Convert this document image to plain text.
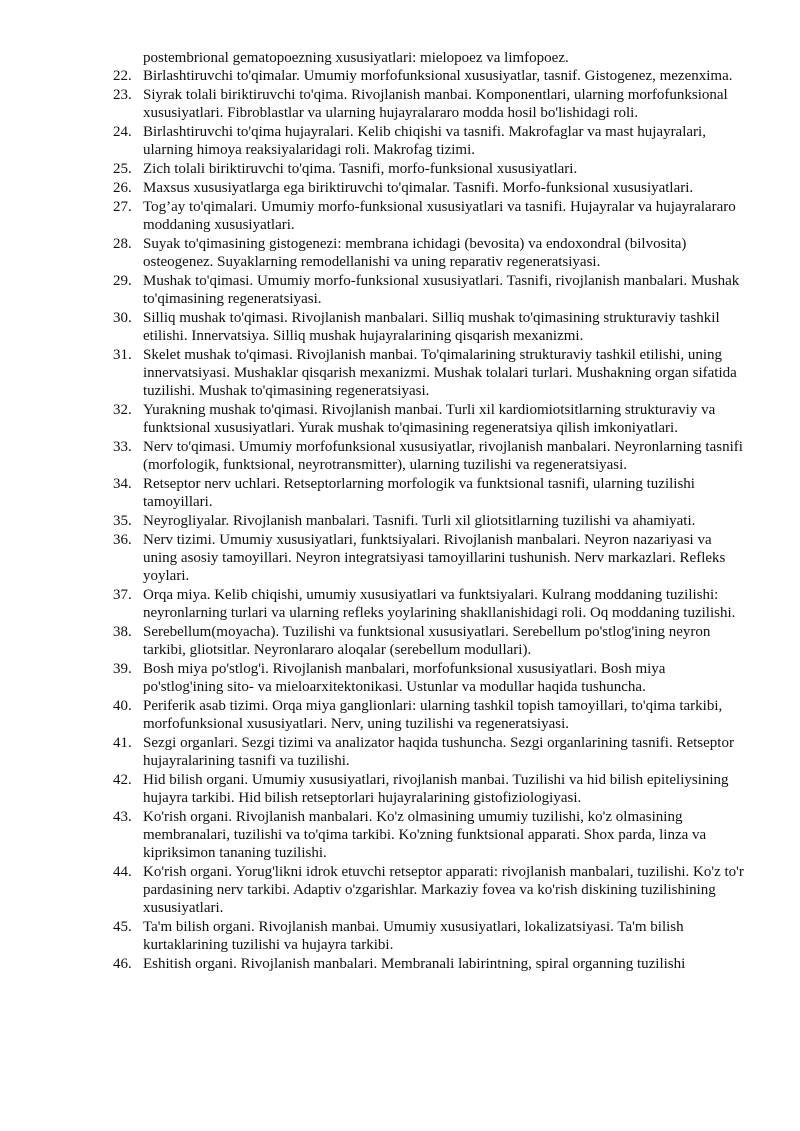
postembrional gematopoezning xususiyatlari: mielopoez va limfopoez.
22. Birlashtiruvchi to'qimalar. Umumiy morfofunksional xususiyatlar, tasnif. Gistogenez, mezenxima.
23. Siyrak tolali biriktiruvchi to'qima. Rivojlanish manbai. Komponentlari, ularning morfofunksional xususiyatlari. Fibroblastlar va ularning hujayralararo modda hosil bo'lishidagi roli.
24. Birlashtiruvchi to'qima hujayralari. Kelib chiqishi va tasnifi. Makrofaglar va mast hujayralari, ularning himoya reaksiyalaridagi roli. Makrofag tizimi.
25. Zich tolali biriktiruvchi to'qima. Tasnifi, morfo-funksional xususiyatlari.
26. Maxsus xususiyatlarga ega biriktiruvchi to'qimalar. Tasnifi. Morfo-funksional xususiyatlari.
27. Tog’ay to'qimalari. Umumiy morfo-funksional xususiyatlari va tasnifi. Hujayralar va hujayralararo moddaning xususiyatlari.
28. Suyak to'qimasining gistogenezi: membrana ichidagi (bevosita) va endoxondral (bilvosita) osteogenez. Suyaklarning remodellanishi va uning reparativ regeneratsiyasi.
29. Mushak to'qimasi. Umumiy morfo-funksional xususiyatlari. Tasnifi, rivojlanish manbalari. Mushak to'qimasining regeneratsiyasi.
30. Silliq mushak to'qimasi. Rivojlanish manbalari. Silliq mushak to'qimasining strukturaviy tashkil etilishi. Innervatsiya. Silliq mushak hujayralarining qisqarish mexanizmi.
31. Skelet mushak to'qimasi. Rivojlanish manbai. To'qimalarining strukturaviy tashkil etilishi, uning innervatsiyasi. Mushaklar qisqarish mexanizmi. Mushak tolalari turlari. Mushakning organ sifatida tuzilishi. Mushak to'qimasining regeneratsiyasi.
32. Yurakning mushak to'qimasi. Rivojlanish manbai. Turli xil kardiomiotsitlarning strukturaviy va funktsional xususiyatlari. Yurak mushak to'qimasining regeneratsiya qilish imkoniyatlari.
33. Nerv to'qimasi. Umumiy morfofunksional xususiyatlar, rivojlanish manbalari. Neyronlarning tasnifi (morfologik, funktsional, neyrotransmitter), ularning tuzilishi va regeneratsiyasi.
34. Retseptor nerv uchlari. Retseptorlarning morfologik va funktsional tasnifi, ularning tuzilishi tamoyillari.
35. Neyrogliyalar. Rivojlanish manbalari. Tasnifi. Turli xil gliotsitlarning tuzilishi va ahamiyati.
36. Nerv tizimi. Umumiy xususiyatlari, funktsiyalari. Rivojlanish manbalari. Neyron nazariyasi va uning asosiy tamoyillari. Neyron integratsiyasi tamoyillarini tushunish. Nerv markazlari. Refleks yoylari.
37. Orqa miya. Kelib chiqishi, umumiy xususiyatlari va funktsiyalari. Kulrang moddaning tuzilishi: neyronlarning turlari va ularning refleks yoylarining shakllanishidagi roli. Oq moddaning tuzilishi.
38. Serebellum(moyacha). Tuzilishi va funktsional xususiyatlari. Serebellum po'stlog'ining neyron tarkibi, gliotsitlar. Neyronlararo aloqalar (serebellum modullari).
39. Bosh miya po'stlog'i. Rivojlanish manbalari, morfofunksional xususiyatlari. Bosh miya po'stlog'ining sito- va mieloarxitektonikasi. Ustunlar va modullar haqida tushuncha.
40. Periferik asab tizimi. Orqa miya ganglionlari: ularning tashkil topish tamoyillari, to'qima tarkibi, morfofunksional xususiyatlari. Nerv, uning tuzilishi va regeneratsiyasi.
41. Sezgi organlari. Sezgi tizimi va analizator haqida tushuncha. Sezgi organlarining tasnifi. Retseptor hujayralarining tasnifi va tuzilishi.
42. Hid bilish organi. Umumiy xususiyatlari, rivojlanish manbai. Tuzilishi va hid bilish epiteliysining hujayra tarkibi. Hid bilish retseptorlari hujayralarining gistofiziologiyasi.
43. Ko'rish organi. Rivojlanish manbalari. Ko'z olmasining umumiy tuzilishi, ko'z olmasining membranalari, tuzilishi va to'qima tarkibi. Ko'zning funktsional apparati. Shox parda, linza va kipriksimon tananing tuzilishi.
44. Ko'rish organi. Yorug'likni idrok etuvchi retseptor apparati: rivojlanish manbalari, tuzilishi. Ko'z to'r pardasining nerv tarkibi. Adaptiv o'zgarishlar. Markaziy fovea va ko'rish diskining tuzilishining xususiyatlari.
45. Ta'm bilish organi. Rivojlanish manbai. Umumiy xususiyatlari, lokalizatsiyasi. Ta'm bilish kurtaklarining tuzilishi va hujayra tarkibi.
46. Eshitish organi. Rivojlanish manbalari. Membranali labirintning, spiral organning tuzilishi
